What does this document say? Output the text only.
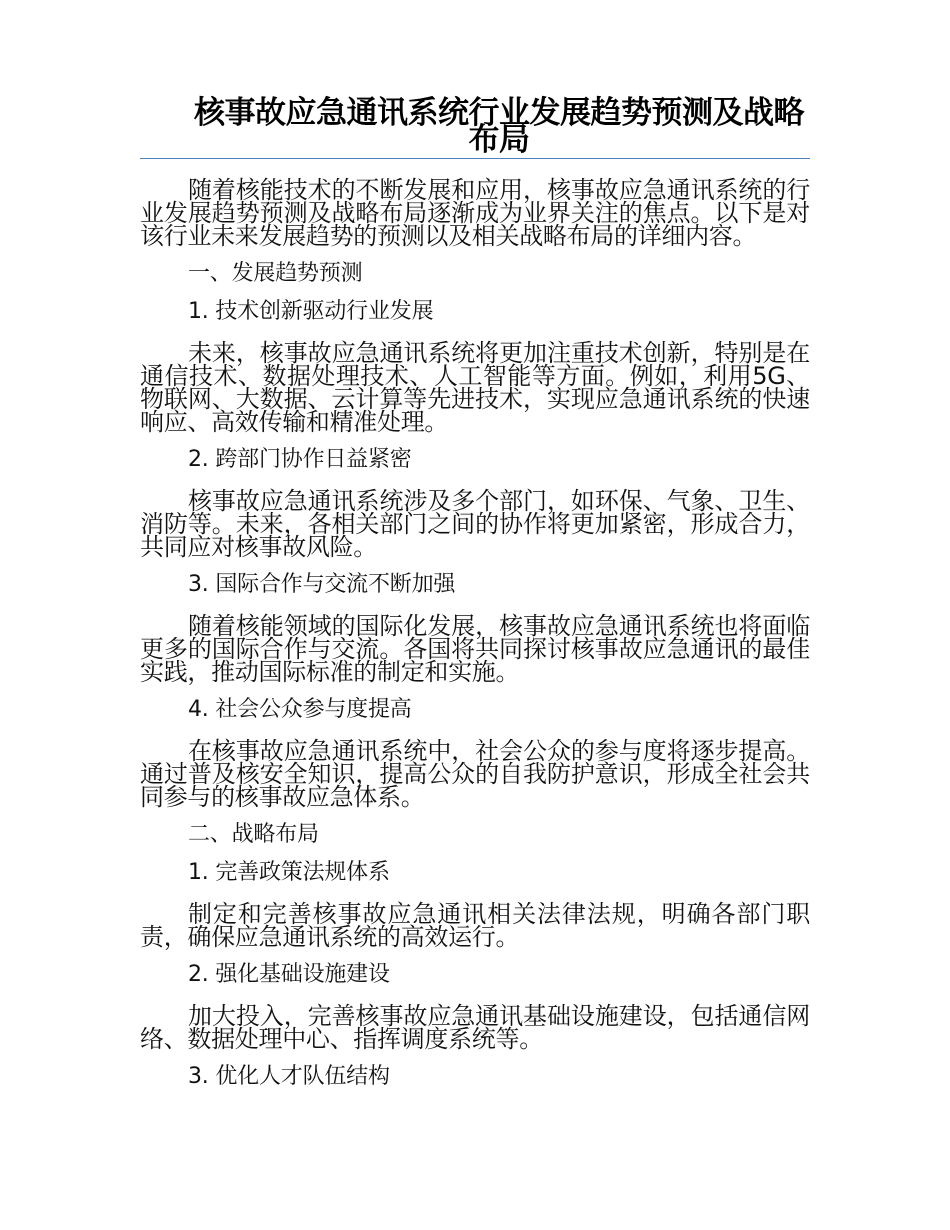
核事故应急通讯系统行业发展趋势预测及战略布局

随着核能技术的不断发展和应用，核事故应急通讯系统的行业发展趋势预测及战略布局逐渐成为业界关注的焦点。以下是对该行业未来发展趋势的预测以及相关战略布局的详细内容。

一、发展趋势预测

1. 技术创新驱动行业发展

未来，核事故应急通讯系统将更加注重技术创新，特别是在通信技术、数据处理技术、人工智能等方面。例如，利用5G、物联网、大数据、云计算等先进技术，实现应急通讯系统的快速响应、高效传输和精准处理。

2. 跨部门协作日益紧密

核事故应急通讯系统涉及多个部门，如环保、气象、卫生、消防等。未来，各相关部门之间的协作将更加紧密，形成合力，共同应对核事故风险。

3. 国际合作与交流不断加强

随着核能领域的国际化发展，核事故应急通讯系统也将面临更多的国际合作与交流。各国将共同探讨核事故应急通讯的最佳实践，推动国际标准的制定和实施。

4. 社会公众参与度提高

在核事故应急通讯系统中，社会公众的参与度将逐步提高。通过普及核安全知识，提高公众的自我防护意识，形成全社会共同参与的核事故应急体系。

二、战略布局

1. 完善政策法规体系

制定和完善核事故应急通讯相关法律法规，明确各部门职责，确保应急通讯系统的高效运行。

2. 强化基础设施建设

加大投入，完善核事故应急通讯基础设施建设，包括通信网络、数据处理中心、指挥调度系统等。

3. 优化人才队伍结构
